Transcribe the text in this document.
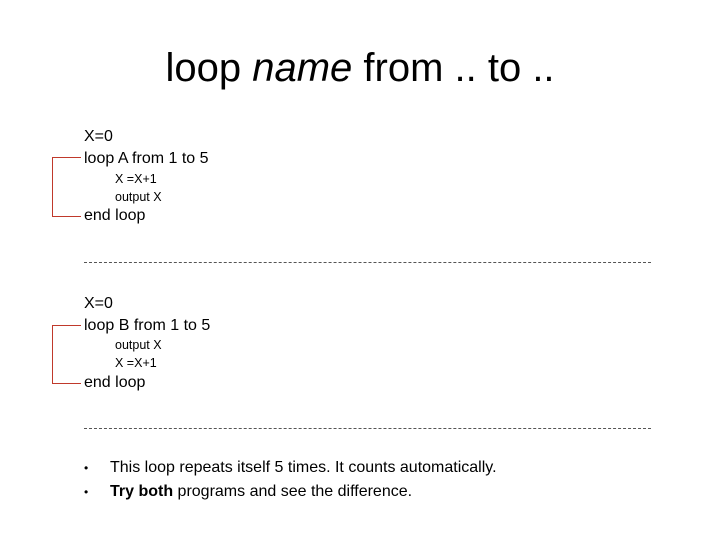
loop name from .. to ..
X=0
loop A from 1 to 5
X =X+1
output X
end loop
X=0
loop B from 1 to 5
output X
X =X+1
end loop
•	This loop repeats itself 5 times. It counts automatically.
•	Try both programs and see the difference.
